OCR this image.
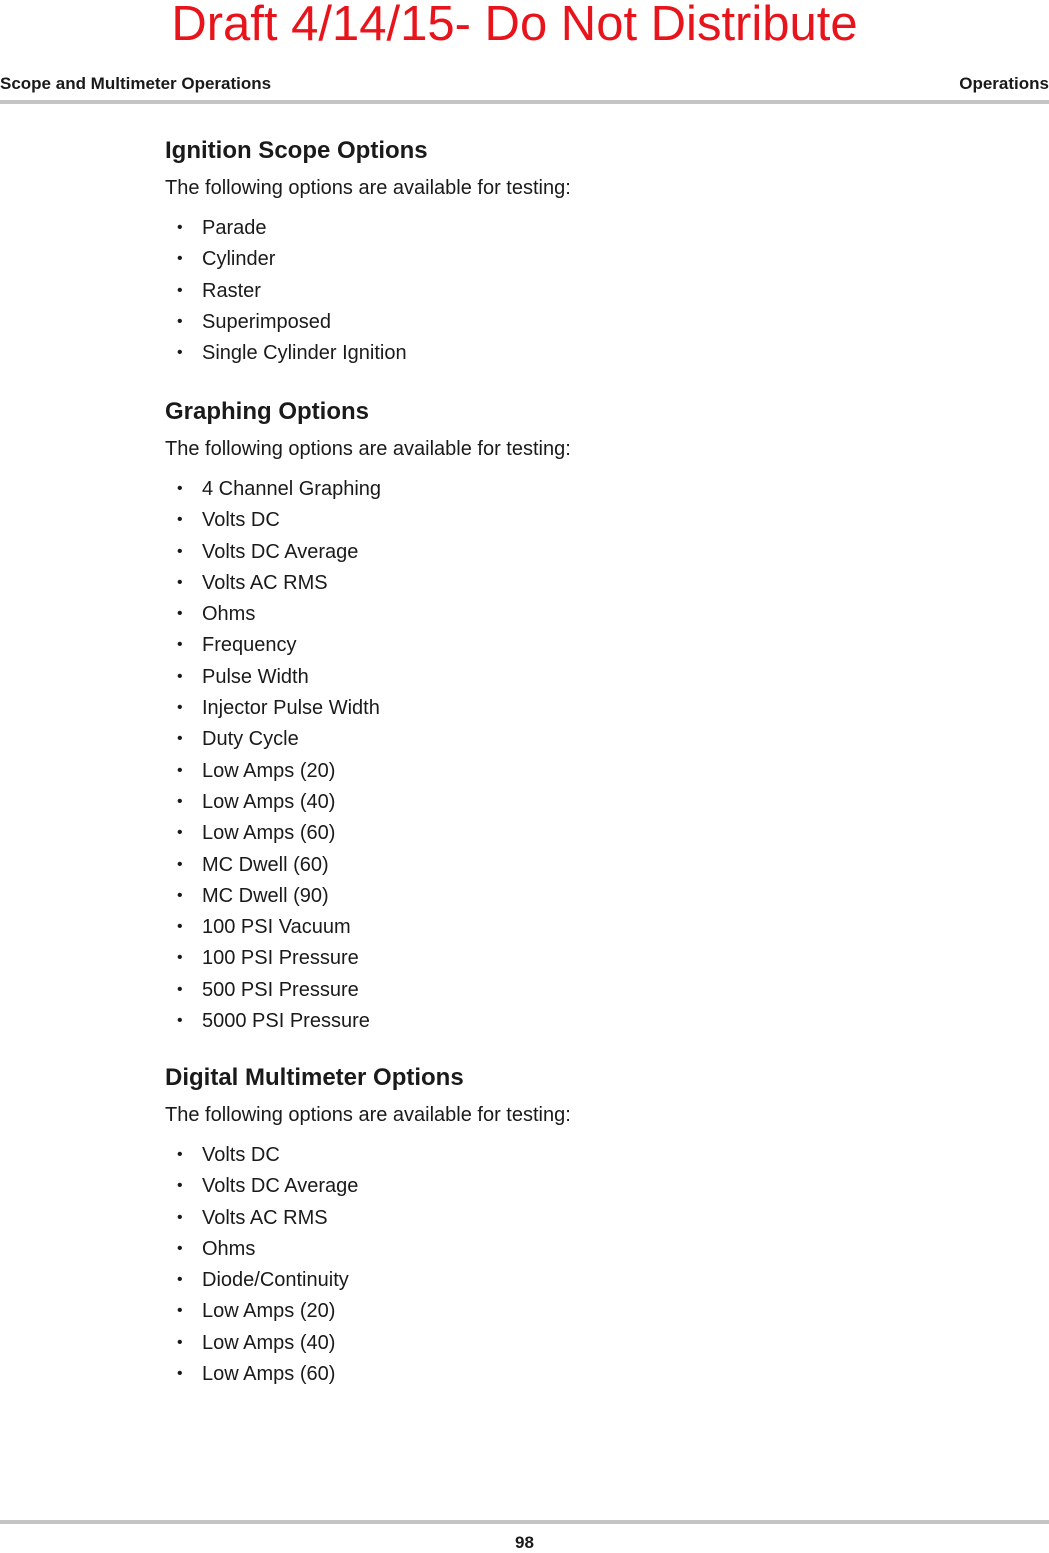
Draft 4/14/15- Do Not Distribute
Scope and Multimeter Operations	Operations
Ignition Scope Options

The following options are available for testing:

• Parade
• Cylinder
• Raster
• Superimposed
• Single Cylinder Ignition
Graphing Options

The following options are available for testing:

• 4 Channel Graphing
• Volts DC
• Volts DC Average
• Volts AC RMS
• Ohms
• Frequency
• Pulse Width
• Injector Pulse Width
• Duty Cycle
• Low Amps (20)
• Low Amps (40)
• Low Amps (60)
• MC Dwell (60)
• MC Dwell (90)
• 100 PSI Vacuum
• 100 PSI Pressure
• 500 PSI Pressure
• 5000 PSI Pressure
Digital Multimeter Options

The following options are available for testing:

• Volts DC
• Volts DC Average
• Volts AC RMS
• Ohms
• Diode/Continuity
• Low Amps (20)
• Low Amps (40)
• Low Amps (60)
98
